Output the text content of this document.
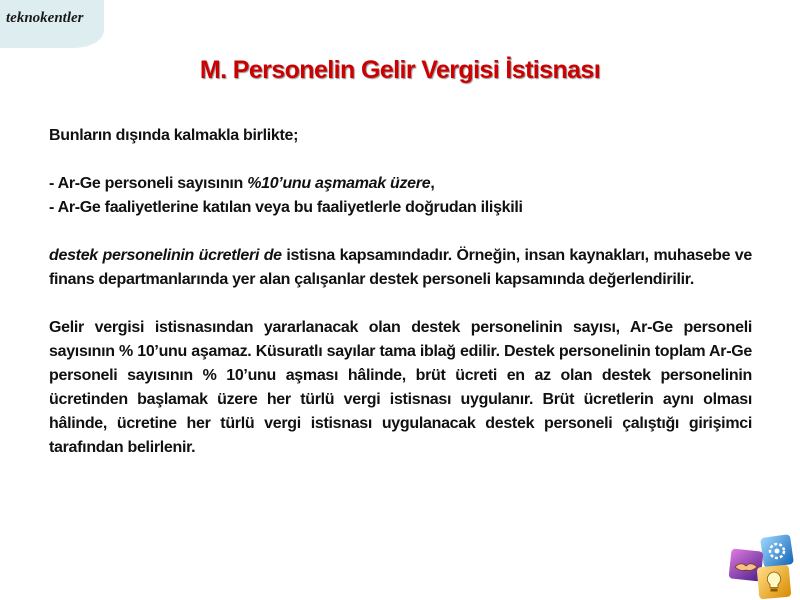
teknokentler
M. Personelin Gelir Vergisi İstisnası

Bunların dışında kalmakla birlikte;

- Ar-Ge personeli sayısının %10’unu aşmamak üzere,

- Ar-Ge faaliyetlerine katılan veya bu faaliyetlerle doğrudan ilişkili

destek personelinin ücretleri de istisna kapsamındadır. Örneğin, insan kaynakları, muhasebe ve finans departmanlarında yer alan çalışanlar destek personeli kapsamında değerlendirilir.

Gelir vergisi istisnasından yararlanacak olan destek personelinin sayısı, Ar-Ge personeli sayısının % 10’unu aşamaz. Küsuratlı sayılar tama iblağ edilir. Destek personelinin toplam Ar-Ge personeli sayısının % 10’unu aşması hâlinde, brüt ücreti en az olan destek personelinin ücretinden başlamak üzere her türlü vergi istisnası uygulanır. Brüt ücretlerin aynı olması hâlinde, ücretine her türlü vergi istisnası uygulanacak destek personeli çalıştığı girişimci tarafından belirlenir.
